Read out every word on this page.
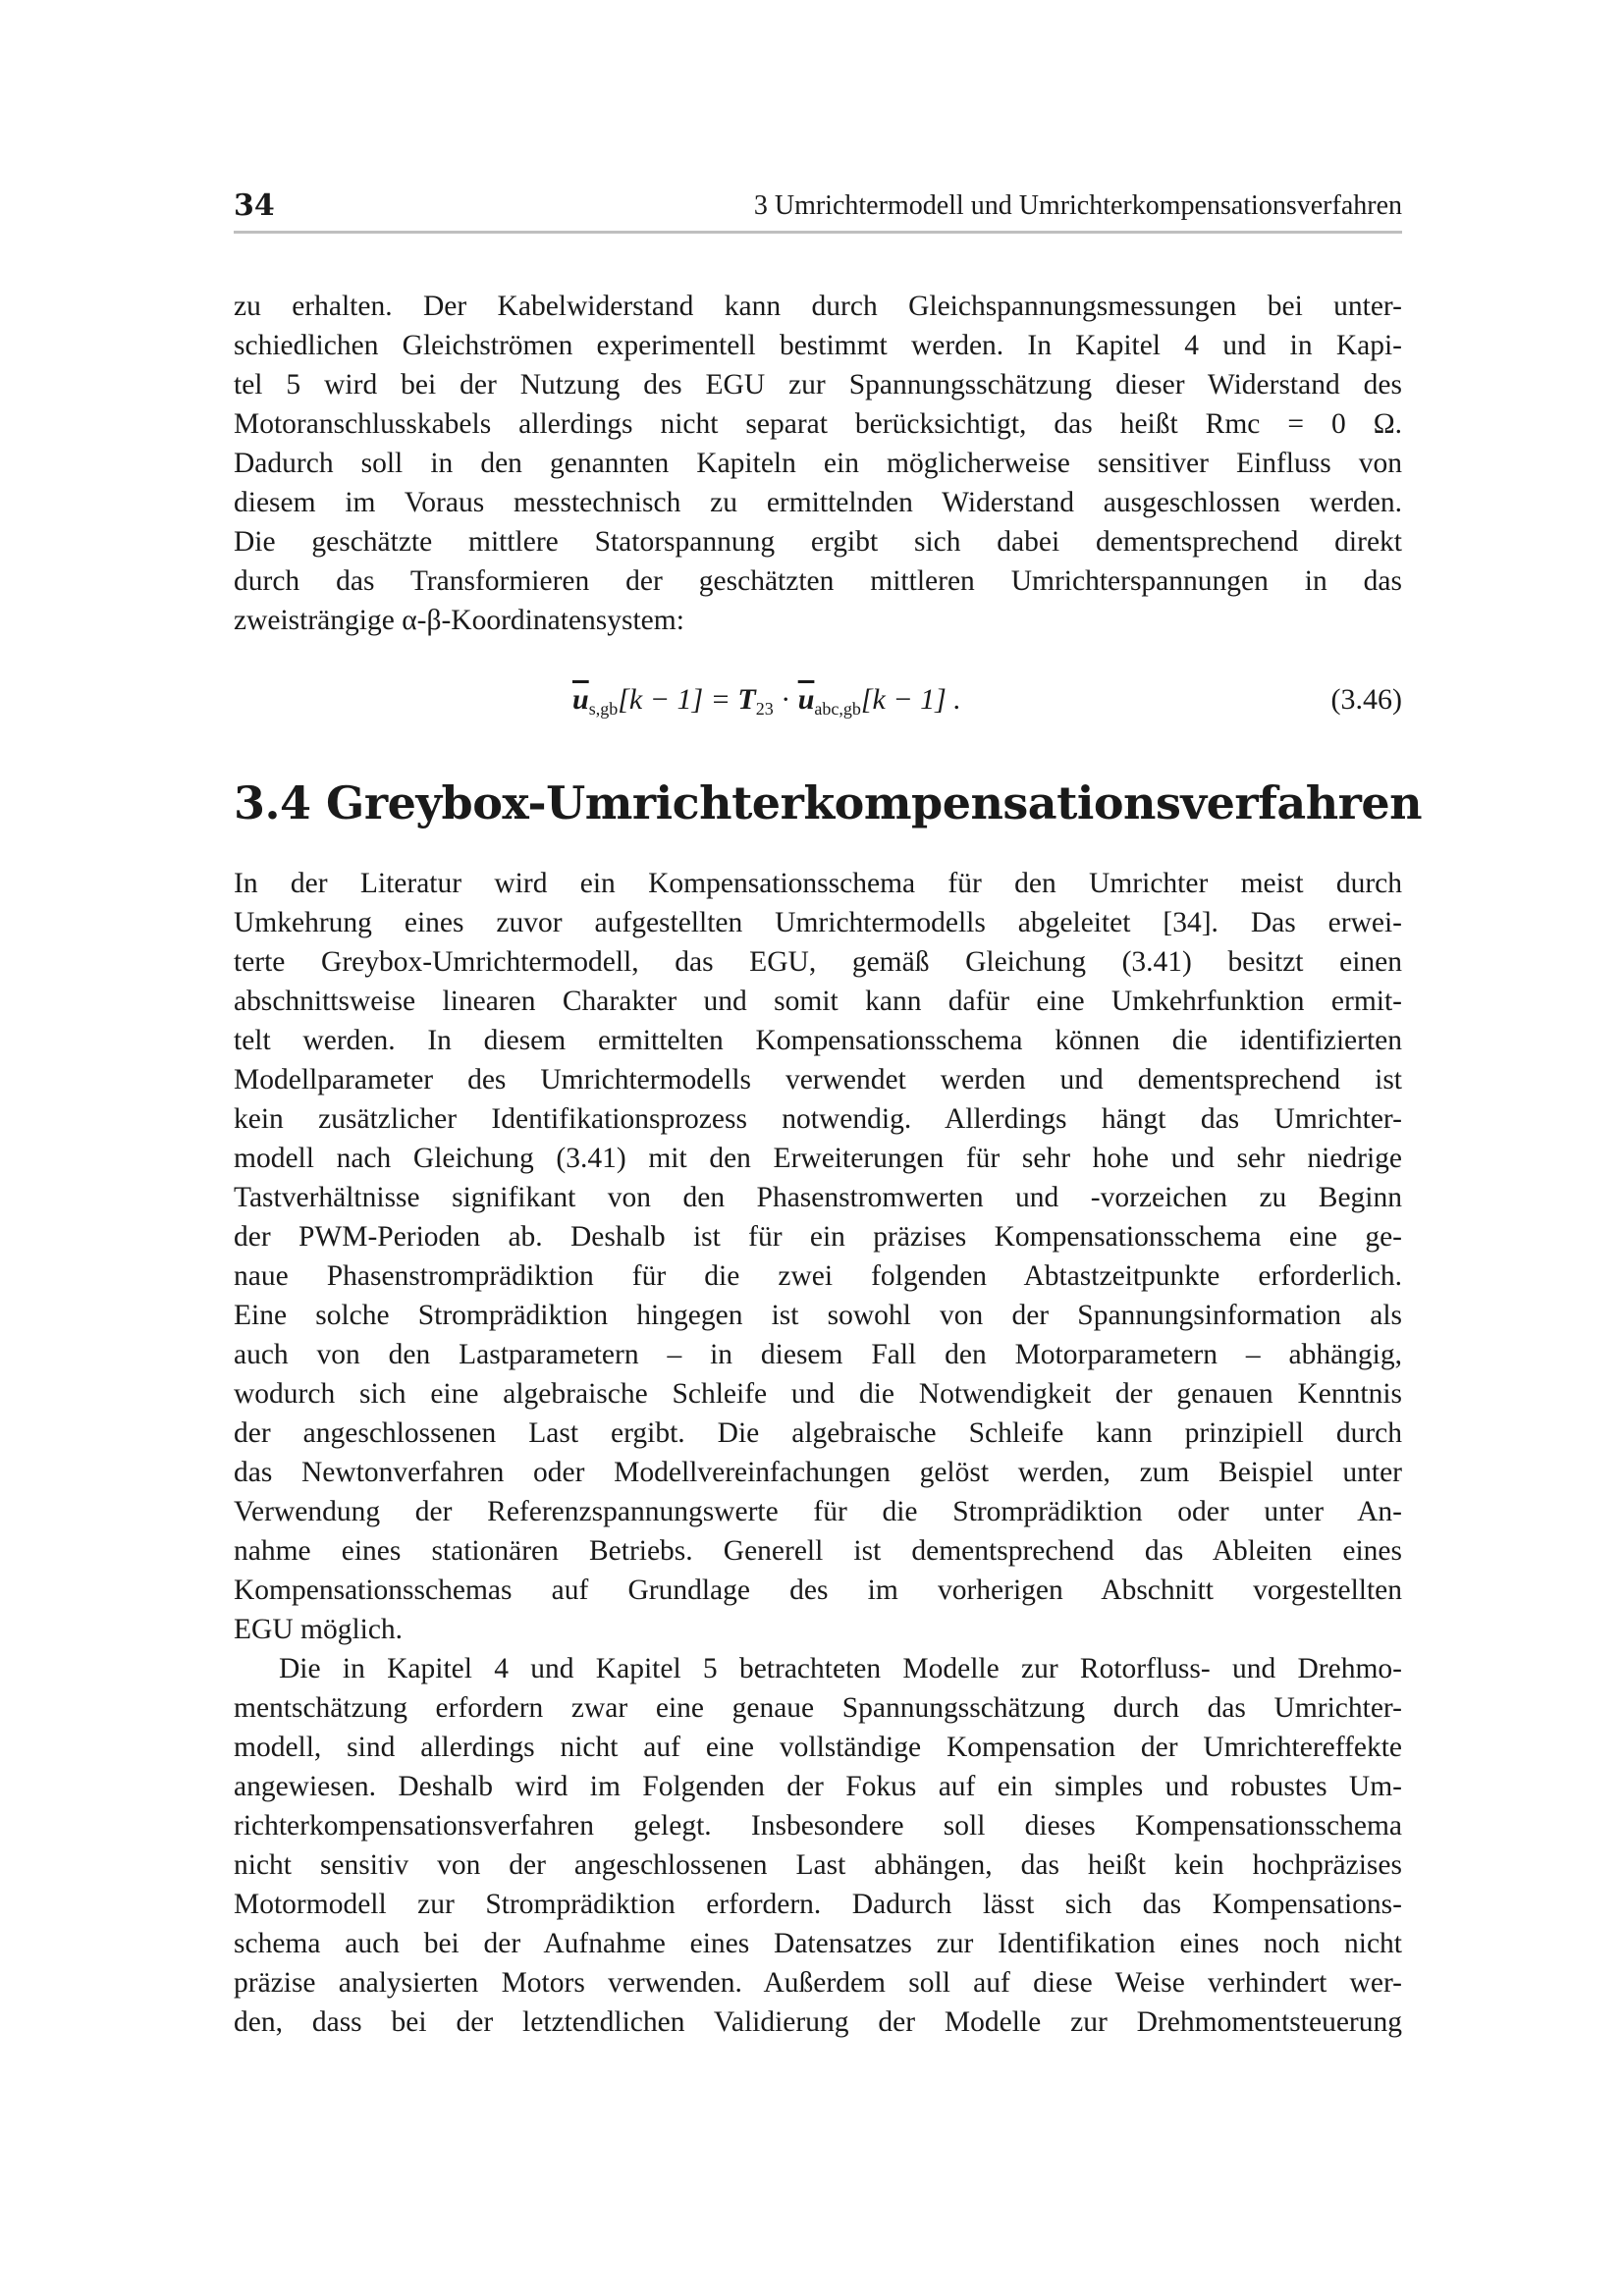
34	3 Umrichtermodell und Umrichterkompensationsverfahren
zu erhalten. Der Kabelwiderstand kann durch Gleichspannungsmessungen bei unter-
schiedlichen Gleichströmen experimentell bestimmt werden. In Kapitel 4 und in Kapi-
tel 5 wird bei der Nutzung des EGU zur Spannungsschätzung dieser Widerstand des
Motoranschlusskabels allerdings nicht separat berücksichtigt, das heißt Rmc = 0 Ω.
Dadurch soll in den genannten Kapiteln ein möglicherweise sensitiver Einfluss von
diesem im Voraus messtechnisch zu ermittelnden Widerstand ausgeschlossen werden.
Die geschätzte mittlere Statorspannung ergibt sich dabei dementsprechend direkt
durch das Transformieren der geschätzten mittleren Umrichterspannungen in das
zweisträngige α-β-Koordinatensystem:
$\overline{u}_{s,gb}[k - 1] = T_{23} \cdot \overline{u}_{abc,gb}[k - 1]$ .	(3.46)
3.4 Greybox-Umrichterkompensationsverfahren
In der Literatur wird ein Kompensationsschema für den Umrichter meist durch
Umkehrung eines zuvor aufgestellten Umrichtermodells abgeleitet [34]. Das erwei-
terte Greybox-Umrichtermodell, das EGU, gemäß Gleichung (3.41) besitzt einen
abschnittsweise linearen Charakter und somit kann dafür eine Umkehrfunktion ermit-
telt werden. In diesem ermittelten Kompensationsschema können die identifizierten
Modellparameter des Umrichtermodells verwendet werden und dementsprechend ist
kein zusätzlicher Identifikationsprozess notwendig. Allerdings hängt das Umrichter-
modell nach Gleichung (3.41) mit den Erweiterungen für sehr hohe und sehr niedrige
Tastverhältnisse signifikant von den Phasenstromwerten und -vorzeichen zu Beginn
der PWM-Perioden ab. Deshalb ist für ein präzises Kompensationsschema eine ge-
naue Phasenstromprädiktion für die zwei folgenden Abtastzeitpunkte erforderlich.
Eine solche Stromprädiktion hingegen ist sowohl von der Spannungsinformation als
auch von den Lastparametern – in diesem Fall den Motorparametern – abhängig,
wodurch sich eine algebraische Schleife und die Notwendigkeit der genauen Kenntnis
der angeschlossenen Last ergibt. Die algebraische Schleife kann prinzipiell durch
das Newtonverfahren oder Modellvereinfachungen gelöst werden, zum Beispiel unter
Verwendung der Referenzspannungswerte für die Stromprädiktion oder unter An-
nahme eines stationären Betriebs. Generell ist dementsprechend das Ableiten eines
Kompensationsschemas auf Grundlage des im vorherigen Abschnitt vorgestellten
EGU möglich.
Die in Kapitel 4 und Kapitel 5 betrachteten Modelle zur Rotorfluss- und Drehmo-
mentschätzung erfordern zwar eine genaue Spannungsschätzung durch das Umrichter-
modell, sind allerdings nicht auf eine vollständige Kompensation der Umrichtereffekte
angewiesen. Deshalb wird im Folgenden der Fokus auf ein simples und robustes Um-
richterkompensationsverfahren gelegt. Insbesondere soll dieses Kompensationsschema
nicht sensitiv von der angeschlossenen Last abhängen, das heißt kein hochpräzises
Motormodell zur Stromprädiktion erfordern. Dadurch lässt sich das Kompensations-
schema auch bei der Aufnahme eines Datensatzes zur Identifikation eines noch nicht
präzise analysierten Motors verwenden. Außerdem soll auf diese Weise verhindert wer-
den, dass bei der letztendlichen Validierung der Modelle zur Drehmomentsteuerung
